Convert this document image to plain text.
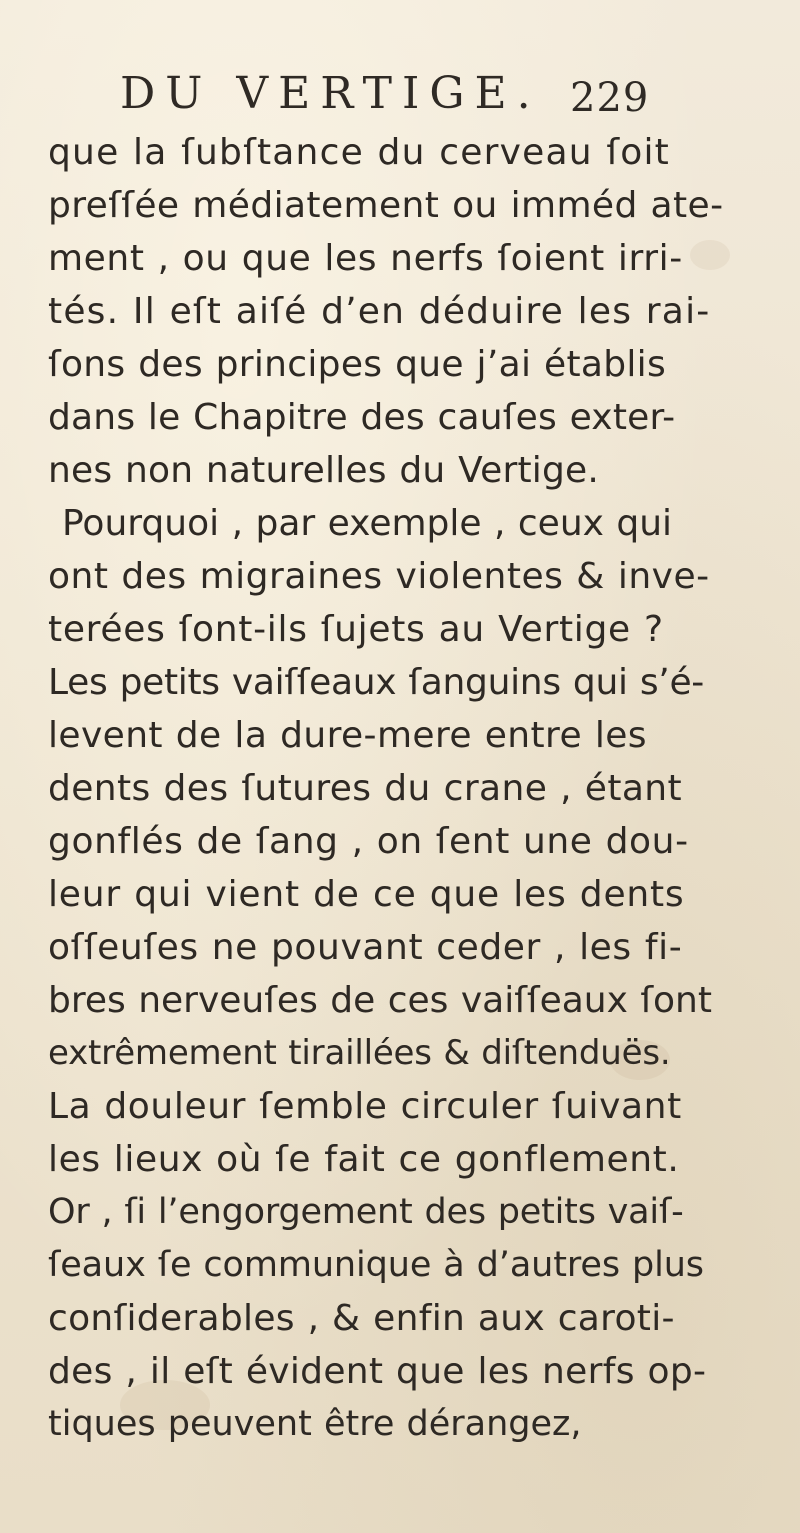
DU VERTIGE. 229
que la ſubſtance du cerveau ſoit
preſſée médiatement ou imméd ate-
ment , ou que les nerfs ſoient irri-
tés. Il eſt aiſé d’en déduire les rai-
ſons des principes que j’ai établis
dans le Chapitre des cauſes exter-
nes non naturelles du Vertige.
Pourquoi , par exemple , ceux qui
ont des migraines violentes & inve-
terées ſont-ils ſujets au Vertige ?
Les petits vaiſſeaux ſanguins qui s’é-
levent de la dure-mere entre les
dents des ſutures du crane , étant
gonflés de ſang , on ſent une dou-
leur qui vient de ce que les dents
oſſeuſes ne pouvant ceder , les fi-
bres nerveuſes de ces vaiſſeaux ſont
extrêmement tiraillées & diſtenduës.
La douleur ſemble circuler ſuivant
les lieux où ſe fait ce gonflement.
Or , ſi l’engorgement des petits vaiſ-
ſeaux ſe communique à d’autres plus
conſiderables , & enfin aux caroti-
des , il eſt évident que les nerfs op-
tiques peuvent être dérangez,
